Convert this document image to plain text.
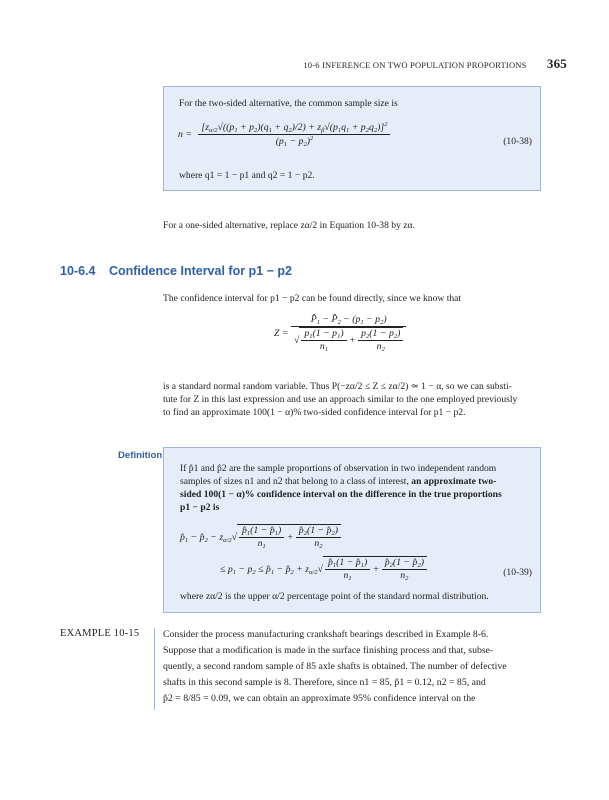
10-6 INFERENCE ON TWO POPULATION PROPORTIONS 365
For the two-sided alternative, the common sample size is
$n = \frac{[z_{\alpha/2}√((p_1 + p_2)(q_1 + q_2)/2) + z_\beta√(p_1q_1 + p_2q_2)]^2}{(p_1 - p_2)^2}$	(10-38)
where q1 = 1 − p1 and q2 = 1 − p2.
For a one-sided alternative, replace zα/2 in Equation 10-38 by zα.
10-6.4 Confidence Interval for p1 − p2
The confidence interval for p1 − p2 can be found directly, since we know that
$Z = \frac{P̂_1 - P̂_2 - (p_1 - p_2)}{√ \frac{p_1(1 - p_1)}{n_1} + \frac{p_2(1 - p_2)}{n_2}}$
is a standard normal random variable. Thus P(−zα/2 ≤ Z ≤ zα/2) ≃ 1 − α, so we can substi-
tute for Z in this last expression and use an approach similar to the one employed previously
to find an approximate 100(1 − α)% two-sided confidence interval for p1 − p2.
Definition
If p̂1 and p̂2 are the sample proportions of observation in two independent random
samples of sizes n1 and n2 that belong to a class of interest, an approximate two-
sided 100(1 − α)% confidence interval on the difference in the true proportions
p1 − p2 is
$p̂_1$ − $p̂_2 - z_{\alpha/2}√ \frac{p̂_1(1 - p̂_1)}{n_1} + \frac{p̂_2(1 - p̂_2)}{n_2}$
≤ $p_1 - p_2$ ≤ $p̂_1$ − $p̂_2 + z_{\alpha/2}√ \frac{p̂_1(1 - p̂_1)}{n_1} + \frac{p̂_2(1 - p̂_2)}{n_2}$	(10-39)
where zα/2 is the upper α/2 percentage point of the standard normal distribution.
EXAMPLE 10-15 Consider the process manufacturing crankshaft bearings described in Example 8-6.
Suppose that a modification is made in the surface finishing process and that, subse-
quently, a second random sample of 85 axle shafts is obtained. The number of defective
shafts in this second sample is 8. Therefore, since n1 = 85, p̂1 = 0.12, n2 = 85, and
p̂2 = 8/85 = 0.09, we can obtain an approximate 95% confidence interval on the
